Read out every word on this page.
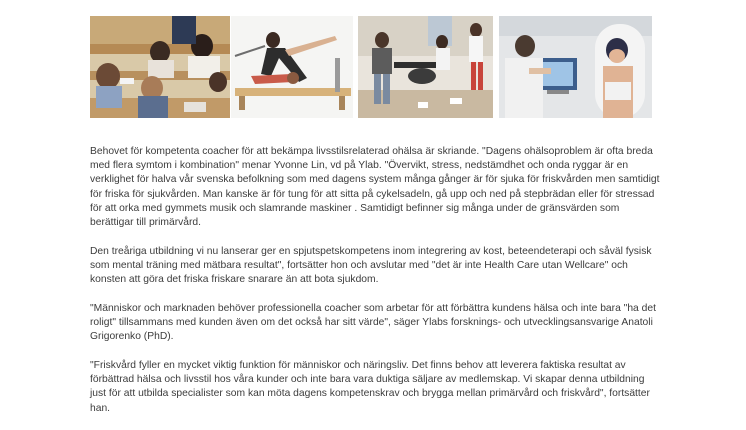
Behovet för kompetenta coacher för att bekämpa livsstilsrelaterad ohälsa är skriande. "Dagens ohälsoproblem är ofta breda med flera symtom i kombination" menar Yvonne Lin, vd på Ylab. "Övervikt, stress, nedstämdhet och onda ryggar är en verklighet för halva vår svenska befolkning som med dagens system många gånger är för sjuka för friskvården men samtidigt för friska för sjukvården. Man kanske är för tung för att sitta på cykelsadeln, gå upp och ned på stepbrädan eller för stressad för att orka med gymmets musik och slamrande maskiner . Samtidigt befinner sig många under de gränsvärden som berättigar till primärvård.

Den treåriga utbildning vi nu lanserar ger en spjutspetskompetens inom integrering av kost, beteendeterapi och såväl fysisk som mental träning med mätbara resultat", fortsätter hon och avslutar med "det är inte Health Care utan Wellcare" och konsten att göra det friska friskare snarare än att bota sjukdom.

"Människor och marknaden behöver professionella coacher som arbetar för att förbättra kundens hälsa och inte bara "ha det roligt" tillsammans med kunden även om det också har sitt värde", säger Ylabs forsknings- och utvecklingsansvarige Anatoli Grigorenko (PhD).

"Friskvård fyller en mycket viktig funktion för människor och näringsliv. Det finns behov att leverera faktiska resultat av förbättrad hälsa och livsstil hos våra kunder och inte bara vara duktiga säljare av medlemskap. Vi skapar denna utbildning just för att utbilda specialister som kan möta dagens kompetenskrav och brygga mellan primärvård och friskvård", fortsätter han.
